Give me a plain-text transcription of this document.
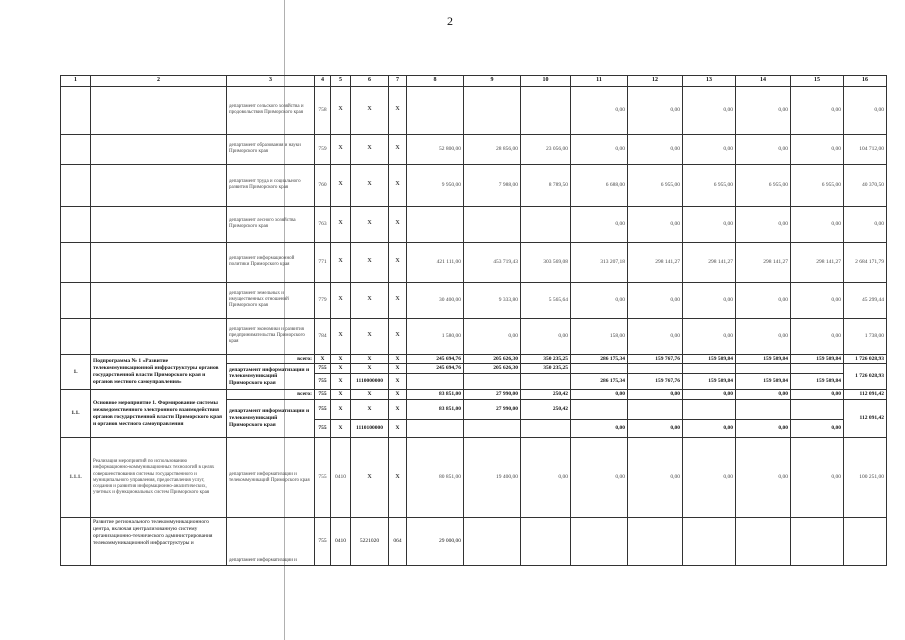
2
1	2	3	4	5	6	7	8	9	10	11	12	13	14	15	16
		департамент сельского хозяйства и продовольствия Приморского края	758	Х	Х	Х				0,00	0,00	0,00	0,00	0,00	0,00
		департамент образования и науки Приморского края	759	Х	Х	Х	52 800,00	28 856,00	23 056,00	0,00	0,00	0,00	0,00	0,00	104 712,00
		департамент труда и социального развития Приморского края	760	Х	Х	Х	9 950,00	7 988,00	8 789,50	6 688,00	6 955,00	6 955,00	6 955,00	6 955,00	40 370,50
		департамент лесного хозяйства Приморского края	763	Х	Х	Х				0,00	0,00	0,00	0,00	0,00	0,00
		департамент информационной политики Приморского края	771	Х	Х	Х	421 111,00	453 719,43	303 569,08	313 207,18	298 141,27	298 141,27	298 141,27	298 141,27	2 684 171,79
		департамент земельных и имущественных отношений Приморского края	779	Х	Х	Х	30 400,00	9 333,80	5 565,64	0,00	0,00	0,00	0,00	0,00	45 299,44
		департамент экономики и развития предпринимательства Приморского края	784	Х	Х	Х	1 580,00	0,00	0,00	158,00	0,00	0,00	0,00	0,00	1 738,00
1.	Подпрограмма № 1 «Развитие телекоммуникационной инфраструктуры органов государственной власти Приморского края и органов местного самоуправления»	всего:	Х	Х	Х	Х	245 694,76	205 626,30	350 235,25	286 175,34	159 767,76	159 509,84	159 509,84	159 509,84	1 726 028,93
		департамент информатизации и телекоммуникаций Приморского края	755	Х	Х	Х	245 694,76	205 626,30	350 235,25						1 726 028,93
			755	Х	1110000000	Х				286 175,34	159 767,76	159 509,84	159 509,84	159 509,84	
1.1.	Основное мероприятие 1. Формирование системы межведомственного электронного взаимодействия органов государственной власти Приморского края и органов местного самоуправления	всего:	755	Х	Х	Х	83 851,00	27 990,00	250,42	0,00	0,00	0,00	0,00	0,00	112 091,42
		департамент информатизации и телекоммуникаций Приморского края	755	Х	Х	Х	83 851,00	27 990,00	250,42						112 091,42
			755	Х	1110100000	Х				0,00	0,00	0,00	0,00	0,00	
1.1.1.	Реализация мероприятий по использованию информационно-коммуникационных технологий в целях совершенствования системы государственного и муниципального управления, предоставления услуг, создания и развития информационно-аналитических, учетных и функциональных систем Приморского края	департамент информатизации и телекоммуникаций Приморского края	755	0410	Х	Х	80 851,00	19 400,00	0,00	0,00	0,00	0,00	0,00	0,00	100 251,00
	Развитие регионального телекоммуникационного центра, включая централизованную систему организационно-технического администрирования телекоммуникационной инфраструктуры и	департамент информатизации и	755	0410	5221020	064	29 000,00								
